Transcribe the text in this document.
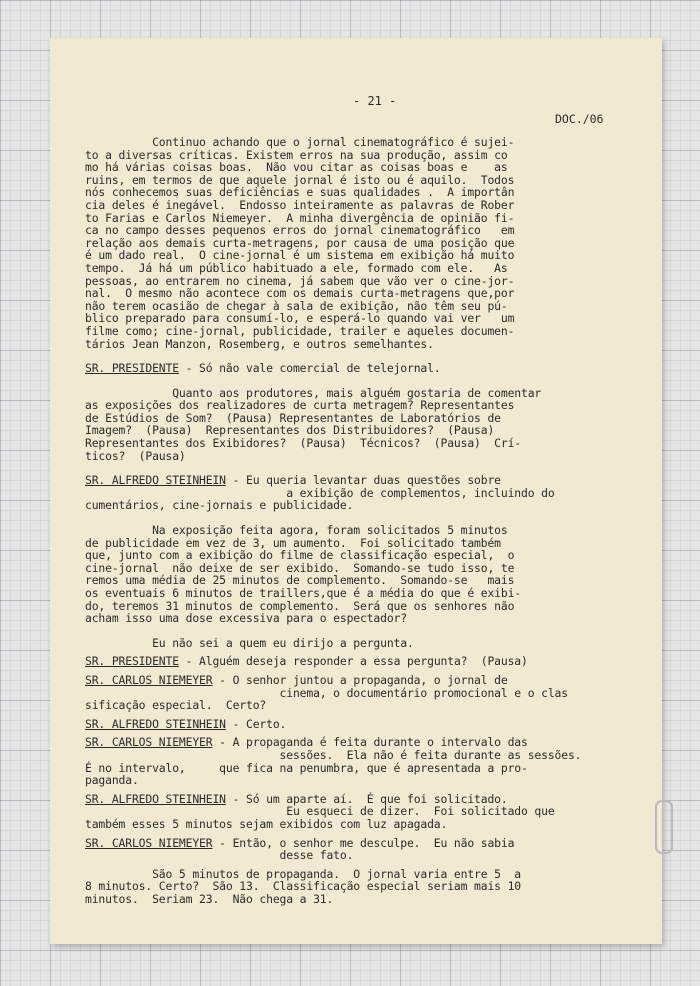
- 21 -
DOC./06
Continuo achando que o jornal cinematográfico é sujei-
to a diversas críticas. Existem erros na sua produção, assim co
mo há várias coisas boas.  Não vou citar as coisas boas e    as
ruins, em termos de que aquele jornal é isto ou é aquilo.  Todos
nós conhecemos suas deficiências e suas qualidades .  A importân
cia deles é inegável.  Endosso inteiramente as palavras de Rober
to Farias e Carlos Niemeyer.  A minha divergência de opinião fi-
ca no campo desses pequenos erros do jornal cinematográfico   em
relação aos demais curta-metragens, por causa de uma posição que
é um dado real.  O cine-jornal é um sistema em exibição há muito
tempo.  Já há um público habituado a ele, formado com ele.   As
pessoas, ao entrarem no cinema, já sabem que vão ver o cine-jor-
nal.  O mesmo não acontece com os demais curta-metragens que,por
não terem ocasião de chegar à sala de exibição, não têm seu pú-
blico preparado para consumí-lo, e esperá-lo quando vai ver   um
filme como; cine-jornal, publicidade, trailer e aqueles documen-
tários Jean Manzon, Rosemberg, e outros semelhantes.
SR. PRESIDENTE - Só não vale comercial de telejornal.
Quanto aos produtores, mais alguém gostaria de comentar
as exposições dos realizadores de curta metragem? Representantes
de Estúdios de Som?  (Pausa) Representantes de Laboratórios de
Imagem?  (Pausa)  Representantes dos Distribuidores?  (Pausa)
Representantes dos Exibidores?  (Pausa)  Técnicos?  (Pausa)  Crí-
ticos?  (Pausa)
SR. ALFREDO STEINHEIN - Eu queria levantar duas questões sobre
a exibição de complementos, incluindo do
cumentários, cine-jornais e publicidade.
Na exposição feita agora, foram solicitados 5 minutos
de publicidade em vez de 3, um aumento.  Foi solicitado também
que, junto com a exibição do filme de classificação especial,  o
cine-jornal  não deixe de ser exibido.  Somando-se tudo isso, te
remos uma média de 25 minutos de complemento.  Somando-se   mais
os eventuais 6 minutos de traillers,que é a média do que é exibi-
do, teremos 31 minutos de complemento.  Será que os senhores não
acham isso uma dose excessiva para o espectador?
Eu não sei a quem eu dirijo a pergunta.
SR. PRESIDENTE - Alguém deseja responder a essa pergunta?  (Pausa)
SR. CARLOS NIEMEYER - O senhor juntou a propaganda, o jornal de
cinema, o documentário promocional e o clas
sificação especial.  Certo?
SR. ALFREDO STEINHEIN - Certo.
SR. CARLOS NIEMEYER - A propaganda é feita durante o intervalo das
sessões.  Ela não é feita durante as sessões.
É no intervalo,     que fica na penumbra, que é apresentada a pro-
paganda.
SR. ALFREDO STEINHEIN - Só um aparte aí.  É que foi solicitado.
Eu esqueci de dizer.  Foi solicitado que
também esses 5 minutos sejam exibidos com luz apagada.
SR. CARLOS NIEMEYER - Então, o senhor me desculpe.  Eu não sabia
desse fato.
São 5 minutos de propaganda.  O jornal varia entre 5  a
8 minutos. Certo?  São 13.  Classificação especial seriam mais 10
minutos.  Seriam 23.  Não chega a 31.
